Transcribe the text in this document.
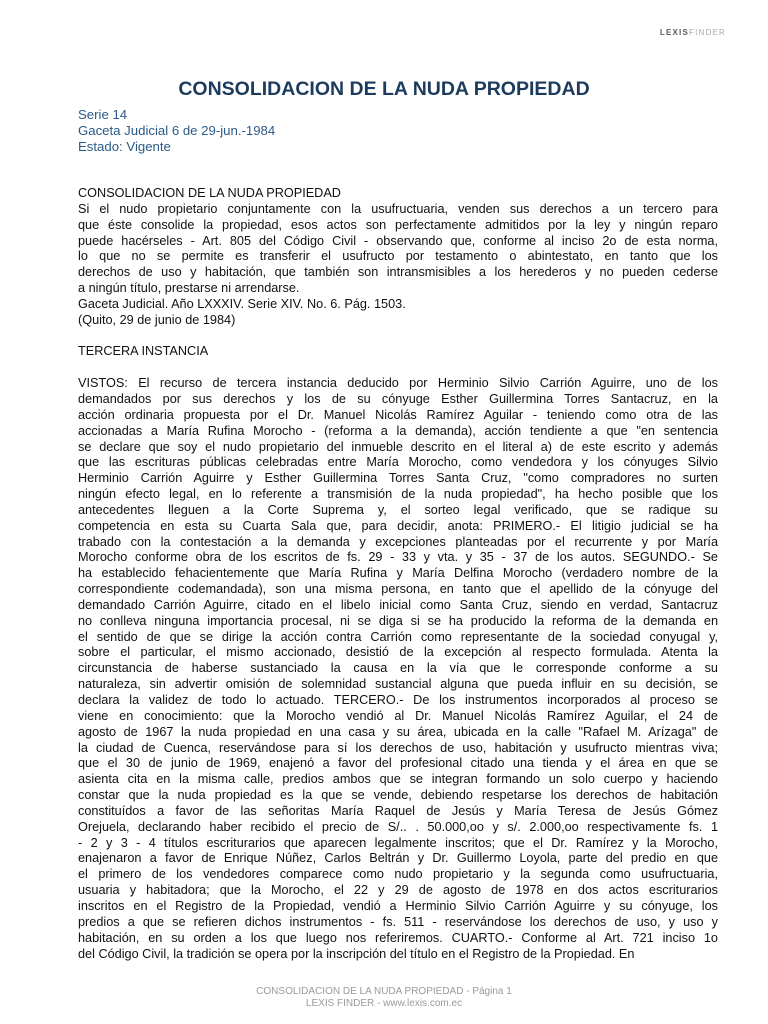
LEXISFINDER
CONSOLIDACION DE LA NUDA PROPIEDAD
Serie 14
Gaceta Judicial 6 de 29-jun.-1984
Estado: Vigente
CONSOLIDACION DE LA NUDA PROPIEDAD
Si el nudo propietario conjuntamente con la usufructuaria, venden sus derechos a un tercero para
que éste consolide la propiedad, esos actos son perfectamente admitidos por la ley y ningún reparo
puede hacérseles - Art. 805 del Código Civil - observando que, conforme al inciso 2o de esta norma,
lo que no se permite es transferir el usufructo por testamento o abintestato, en tanto que los
derechos de uso y habitación, que también son intransmisibles a los herederos y no pueden cederse
a ningún título, prestarse ni arrendarse.
Gaceta Judicial. Año LXXXIV. Serie XIV. No. 6. Pág. 1503.
(Quito, 29 de junio de 1984)

TERCERA INSTANCIA

VISTOS: El recurso de tercera instancia deducido por Herminio Silvio Carrión Aguirre, uno de los
demandados por sus derechos y los de su cónyuge Esther Guillermina Torres Santacruz, en la
acción ordinaria propuesta por el Dr. Manuel Nicolás Ramírez Aguilar - teniendo como otra de las
accionadas a María Rufina Morocho - (reforma a la demanda), acción tendiente a que "en sentencia
se declare que soy el nudo propietario del inmueble descrito en el literal a) de este escrito y además
que las escrituras públicas celebradas entre María Morocho, como vendedora y los cónyuges Silvio
Herminio Carrión Aguirre y Esther Guillermina Torres Santa Cruz, "como compradores no surten
ningún efecto legal, en lo referente a transmisión de la nuda propiedad", ha hecho posible que los
antecedentes lleguen a la Corte Suprema y, el sorteo legal verificado, que se radique su
competencia en esta su Cuarta Sala que, para decidir, anota: PRIMERO.- El litigio judicial se ha
trabado con la contestación a la demanda y excepciones planteadas por el recurrente y por María
Morocho conforme obra de los escritos de fs. 29 - 33 y vta. y 35 - 37 de los autos. SEGUNDO.- Se
ha establecido fehacientemente que María Rufina y María Delfina Morocho (verdadero nombre de la
correspondiente codemandada), son una misma persona, en tanto que el apellido de la cónyuge del
demandado Carrión Aguirre, citado en el libelo inicial como Santa Cruz, siendo en verdad, Santacruz
no conlleva ninguna importancia procesal, ni se diga si se ha producido la reforma de la demanda en
el sentido de que se dirige la acción contra Carrión como representante de la sociedad conyugal y,
sobre el particular, el mismo accionado, desistió de la excepción al respecto formulada. Atenta la
circunstancia de haberse sustanciado la causa en la vía que le corresponde conforme a su
naturaleza, sin advertir omisión de solemnidad sustancial alguna que pueda influir en su decisión, se
declara la validez de todo lo actuado. TERCERO.- De los instrumentos incorporados al proceso se
viene en conocimiento: que la Morocho vendió al Dr. Manuel Nicolás Ramírez Aguilar, el 24 de
agosto de 1967 la nuda propiedad en una casa y su área, ubicada en la calle "Rafael M. Arízaga" de
la ciudad de Cuenca, reservándose para sí los derechos de uso, habitación y usufructo mientras viva;
que el 30 de junio de 1969, enajenó a favor del profesional citado una tienda y el área en que se
asienta cita en la misma calle, predios ambos que se integran formando un solo cuerpo y haciendo
constar que la nuda propiedad es la que se vende, debiendo respetarse los derechos de habitación
constituídos a favor de las señoritas María Raquel de Jesús y María Teresa de Jesús Gómez
Orejuela, declarando haber recibido el precio de S/.. . 50.000,oo y s/. 2.000,oo respectivamente fs. 1
- 2 y 3 - 4 títulos escriturarios que aparecen legalmente inscritos; que el Dr. Ramírez y la Morocho,
enajenaron a favor de Enrique Núñez, Carlos Beltrán y Dr. Guillermo Loyola, parte del predio en que
el primero de los vendedores comparece como nudo propietario y la segunda como usufructuaria,
usuaria y habitadora; que la Morocho, el 22 y 29 de agosto de 1978 en dos actos escriturarios
inscritos en el Registro de la Propiedad, vendió a Herminio Silvio Carrión Aguirre y su cónyuge, los
predios a que se refieren dichos instrumentos - fs. 511 - reservándose los derechos de uso, y uso y
habitación, en su orden a los que luego nos referiremos. CUARTO.- Conforme al Art. 721 inciso 1o
del Código Civil, la tradición se opera por la inscripción del título en el Registro de la Propiedad. En
CONSOLIDACION DE LA NUDA PROPIEDAD - Página 1
LEXIS FINDER - www.lexis.com.ec
